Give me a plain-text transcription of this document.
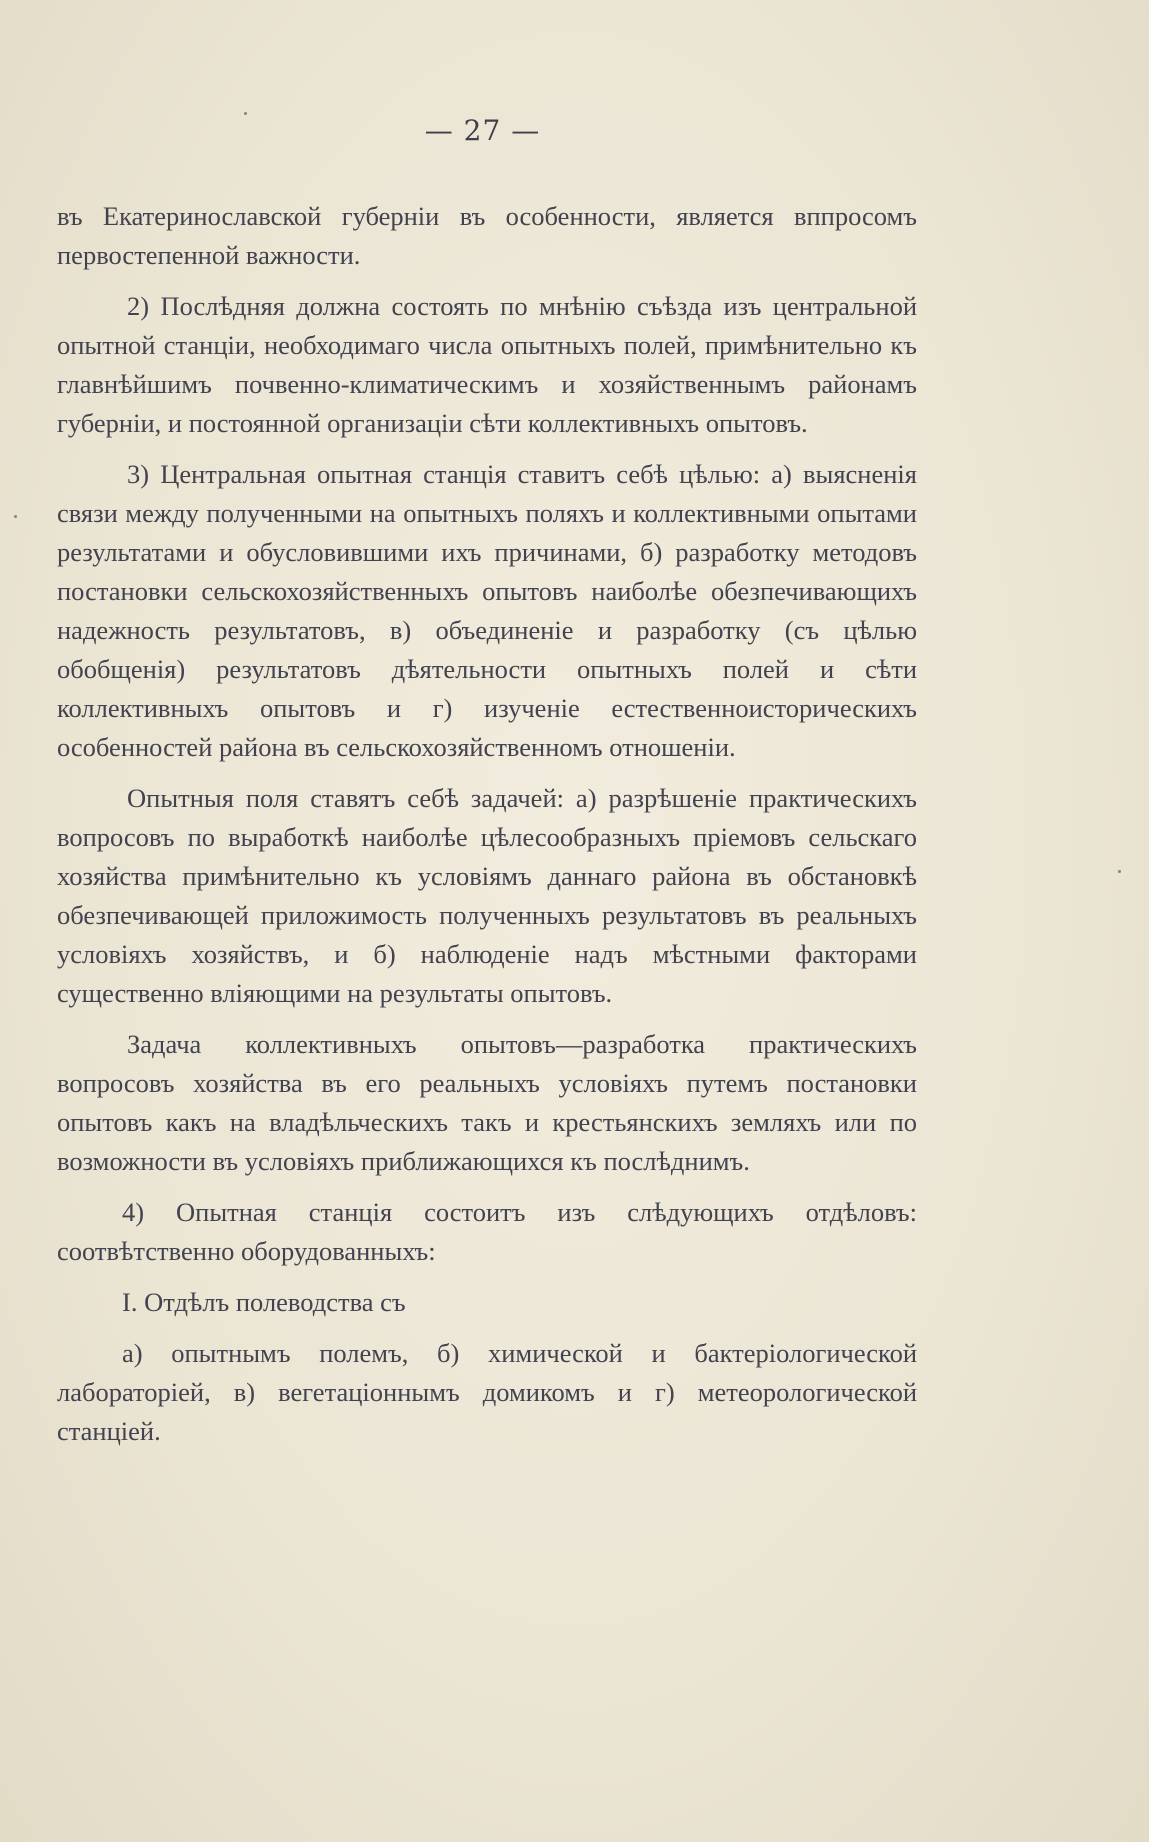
— 27 —

въ Екатеринославской губерніи въ особенности, является вппросомъ первостепенной важности.

2) Послѣдняя должна состоять по мнѣнію съѣзда изъ центральной опытной станціи, необходимаго числа опытныхъ полей, примѣнительно къ главнѣйшимъ почвенно-климатическимъ и хозяйственнымъ районамъ губерніи, и постоянной организаціи сѣти коллективныхъ опытовъ.

3) Центральная опытная станція ставитъ себѣ цѣлью: а) выясненія связи между полученными на опытныхъ поляхъ и коллективными опытами результатами и обусловившими ихъ причинами, б) разработку методовъ постановки сельскохозяйственныхъ опытовъ наиболѣе обезпечивающихъ надежность результатовъ, в) объединеніе и разработку (съ цѣлью обобщенія) результатовъ дѣятельности опытныхъ полей и сѣти коллективныхъ опытовъ и г) изученіе естественноисторическихъ особенностей района въ сельскохозяйственномъ отношеніи.

Опытныя поля ставятъ себѣ задачей: а) разрѣшеніе практическихъ вопросовъ по выработкѣ наиболѣе цѣлесообразныхъ пріемовъ сельскаго хозяйства примѣнительно къ условіямъ даннаго района въ обстановкѣ обезпечивающей приложимость полученныхъ результатовъ въ реальныхъ условіяхъ хозяйствъ, и б) наблюденіе надъ мѣстными факторами существенно вліяющими на результаты опытовъ.

Задача коллективныхъ опытовъ—разработка практическихъ вопросовъ хозяйства въ его реальныхъ условіяхъ путемъ постановки опытовъ какъ на владѣльческихъ такъ и крестьянскихъ земляхъ или по возможности въ условіяхъ приближающихся къ послѣднимъ.

4) Опытная станція состоитъ изъ слѣдующихъ отдѣловъ: соотвѣтственно оборудованныхъ:

I. Отдѣлъ полеводства съ

а) опытнымъ полемъ, б) химической и бактеріологической лабораторіей, в) вегетаціоннымъ домикомъ и г) метеорологической станціей.
